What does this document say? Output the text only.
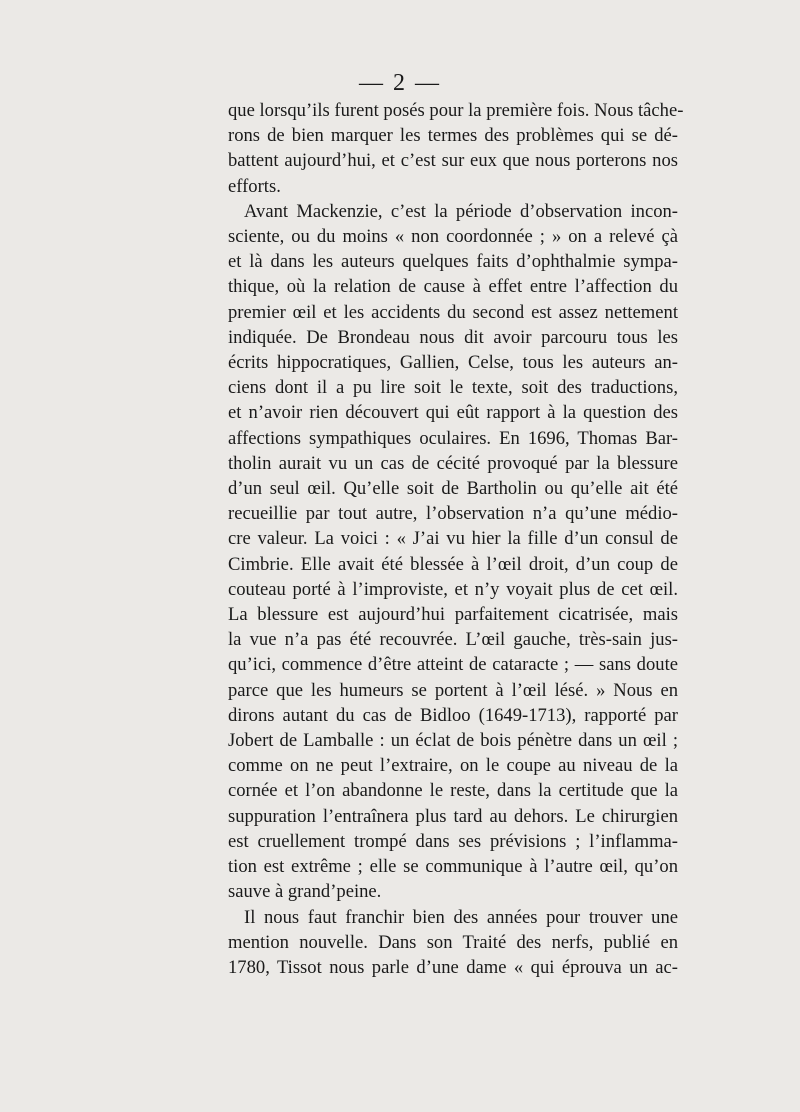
— 2 —
que lorsqu’ils furent posés pour la première fois. Nous tâche-
rons de bien marquer les termes des problèmes qui se dé-
battent aujourd’hui, et c’est sur eux que nous porterons nos
efforts.
Avant Mackenzie, c’est la période d’observation incon-
sciente, ou du moins « non coordonnée ; » on a relevé çà
et là dans les auteurs quelques faits d’ophthalmie sympa-
thique, où la relation de cause à effet entre l’affection du
premier œil et les accidents du second est assez nettement
indiquée. De Brondeau nous dit avoir parcouru tous les
écrits hippocratiques, Gallien, Celse, tous les auteurs an-
ciens dont il a pu lire soit le texte, soit des traductions,
et n’avoir rien découvert qui eût rapport à la question des
affections sympathiques oculaires. En 1696, Thomas Bar-
tholin aurait vu un cas de cécité provoqué par la blessure
d’un seul œil. Qu’elle soit de Bartholin ou qu’elle ait été
recueillie par tout autre, l’observation n’a qu’une médio-
cre valeur. La voici : « J’ai vu hier la fille d’un consul de
Cimbrie. Elle avait été blessée à l’œil droit, d’un coup de
couteau porté à l’improviste, et n’y voyait plus de cet œil.
La blessure est aujourd’hui parfaitement cicatrisée, mais
la vue n’a pas été recouvrée. L’œil gauche, très-sain jus-
qu’ici, commence d’être atteint de cataracte ; — sans doute
parce que les humeurs se portent à l’œil lésé. » Nous en
dirons autant du cas de Bidloo (1649-1713), rapporté par
Jobert de Lamballe : un éclat de bois pénètre dans un œil ;
comme on ne peut l’extraire, on le coupe au niveau de la
cornée et l’on abandonne le reste, dans la certitude que la
suppuration l’entraînera plus tard au dehors. Le chirurgien
est cruellement trompé dans ses prévisions ; l’inflamma-
tion est extrême ; elle se communique à l’autre œil, qu’on
sauve à grand’peine.
Il nous faut franchir bien des années pour trouver une
mention nouvelle. Dans son Traité des nerfs, publié en
1780, Tissot nous parle d’une dame « qui éprouva un ac-
